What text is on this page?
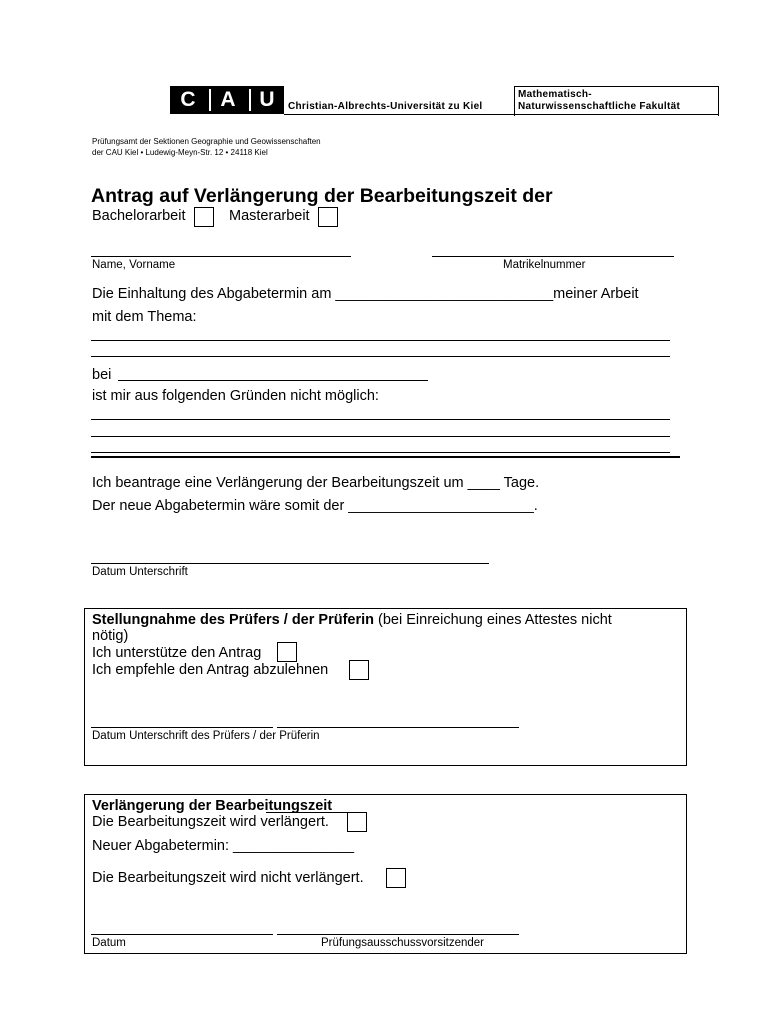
C	A	U	Christian-Albrechts-Universität zu Kiel
Mathematisch-
Naturwissenschaftliche Fakultät
Prüfungsamt der Sektionen Geographie und Geowissenschaften
der CAU Kiel • Ludewig-Meyn-Str. 12 • 24118 Kiel
Antrag auf Verlängerung der Bearbeitungszeit der
Bachelorarbeit	Masterarbeit
Name, Vorname	Matrikelnummer
Die Einhaltung des Abgabetermin am ___________________________meiner Arbeit
mit dem Thema:
bei
ist mir aus folgenden Gründen nicht möglich:
Ich beantrage eine Verlängerung der Bearbeitungszeit um ____ Tage.
Der neue Abgabetermin wäre somit der _______________________.
Datum Unterschrift
Stellungnahme des Prüfers / der Prüferin (bei Einreichung eines Attestes nicht
nötig)
Ich unterstütze den Antrag
Ich empfehle den Antrag abzulehnen
Datum Unterschrift des Prüfers / der Prüferin
Verlängerung der Bearbeitungszeit
Die Bearbeitungszeit wird verlängert.
Neuer Abgabetermin: _______________
Die Bearbeitungszeit wird nicht verlängert.
Datum	Prüfungsausschussvorsitzender
